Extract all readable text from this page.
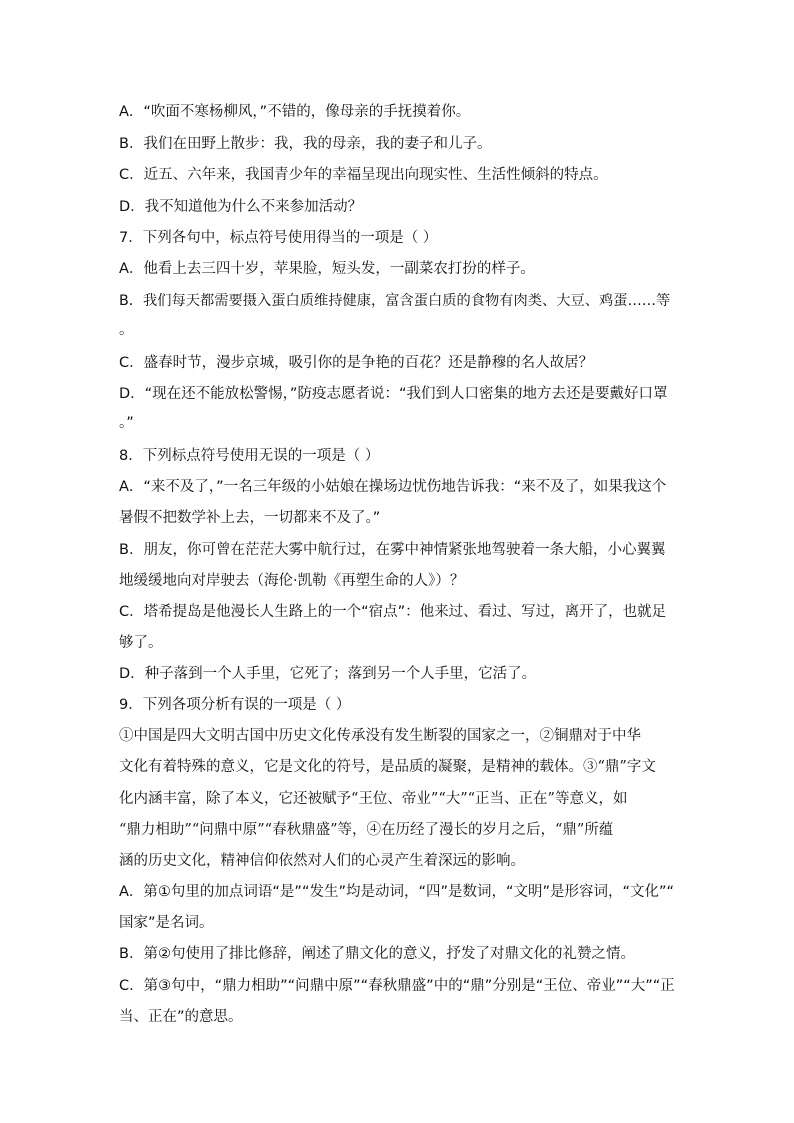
A．“吹面不寒杨柳风，”不错的，像母亲的手抚摸着你。
B．我们在田野上散步：我，我的母亲，我的妻子和儿子。
C．近五、六年来，我国青少年的幸福呈现出向现实性、生活性倾斜的特点。
D．我不知道他为什么不来参加活动？
7．下列各句中，标点符号使用得当的一项是（ ）
A．他看上去三四十岁，苹果脸，短头发，一副菜农打扮的样子。
B．我们每天都需要摄入蛋白质维持健康，富含蛋白质的食物有肉类、大豆、鸡蛋……等
。
C．盛春时节，漫步京城，吸引你的是争艳的百花？还是静穆的名人故居？
D．“现在还不能放松警惕，”防疫志愿者说：“我们到人口密集的地方去还是要戴好口罩
。”
8．下列标点符号使用无误的一项是（ ）
A．“来不及了，”一名三年级的小姑娘在操场边忧伤地告诉我：“来不及了，如果我这个
暑假不把数学补上去，一切都来不及了。”
B．朋友，你可曾在茫茫大雾中航行过，在雾中神情紧张地驾驶着一条大船，小心翼翼
地缓缓地向对岸驶去（海伦·凯勒《再塑生命的人》）？
C．塔希提岛是他漫长人生路上的一个“宿点”：他来过、看过、写过，离开了，也就足
够了。
D．种子落到一个人手里，它死了；落到另一个人手里，它活了。
9．下列各项分析有误的一项是（ ）
①中国是四大文明古国中历史文化传承没有发生断裂的国家之一，②铜鼎对于中华
文化有着特殊的意义，它是文化的符号，是品质的凝聚，是精神的载体。③“鼎”字文
化内涵丰富，除了本义，它还被赋予“王位、帝业”“大”“正当、正在”等意义，如
“鼎力相助”“问鼎中原”“春秋鼎盛”等，④在历经了漫长的岁月之后，“鼎”所蕴
涵的历史文化，精神信仰依然对人们的心灵产生着深远的影响。
A．第①句里的加点词语“是”“发生”均是动词，“四”是数词，“文明”是形容词，“文化”“
国家”是名词。
B．第②句使用了排比修辞，阐述了鼎文化的意义，抒发了对鼎文化的礼赞之情。
C．第③句中，“鼎力相助”“问鼎中原”“春秋鼎盛”中的“鼎”分别是“王位、帝业”“大”“正
当、正在”的意思。
